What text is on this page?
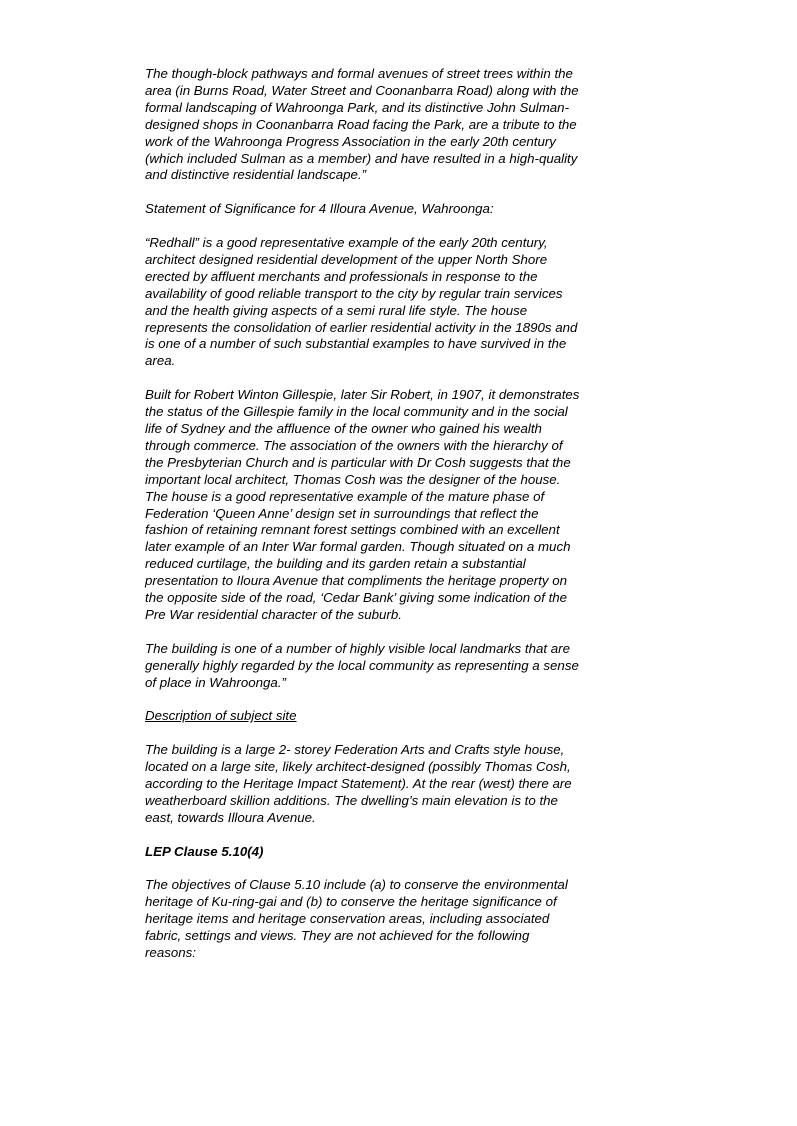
The though-block pathways and formal avenues of street trees within the
area (in Burns Road, Water Street and Coonanbarra Road) along with the
formal landscaping of Wahroonga Park, and its distinctive John Sulman-
designed shops in Coonanbarra Road facing the Park, are a tribute to the
work of the Wahroonga Progress Association in the early 20th century
(which included Sulman as a member) and have resulted in a high-quality
and distinctive residential landscape.”

Statement of Significance for 4 Illoura Avenue, Wahroonga:

“Redhall” is a good representative example of the early 20th century,
architect designed residential development of the upper North Shore
erected by affluent merchants and professionals in response to the
availability of good reliable transport to the city by regular train services
and the health giving aspects of a semi rural life style. The house
represents the consolidation of earlier residential activity in the 1890s and
is one of a number of such substantial examples to have survived in the
area.

Built for Robert Winton Gillespie, later Sir Robert, in 1907, it demonstrates
the status of the Gillespie family in the local community and in the social
life of Sydney and the affluence of the owner who gained his wealth
through commerce. The association of the owners with the hierarchy of
the Presbyterian Church and is particular with Dr Cosh suggests that the
important local architect, Thomas Cosh was the designer of the house.
The house is a good representative example of the mature phase of
Federation ‘Queen Anne’ design set in surroundings that reflect the
fashion of retaining remnant forest settings combined with an excellent
later example of an Inter War formal garden. Though situated on a much
reduced curtilage, the building and its garden retain a substantial
presentation to Iloura Avenue that compliments the heritage property on
the opposite side of the road, ‘Cedar Bank’ giving some indication of the
Pre War residential character of the suburb.

The building is one of a number of highly visible local landmarks that are
generally highly regarded by the local community as representing a sense
of place in Wahroonga.”

Description of subject site

The building is a large 2- storey Federation Arts and Crafts style house,
located on a large site, likely architect-designed (possibly Thomas Cosh,
according to the Heritage Impact Statement). At the rear (west) there are
weatherboard skillion additions. The dwelling’s main elevation is to the
east, towards Illoura Avenue.

LEP Clause 5.10(4)

The objectives of Clause 5.10 include (a) to conserve the environmental
heritage of Ku-ring-gai and (b) to conserve the heritage significance of
heritage items and heritage conservation areas, including associated
fabric, settings and views. They are not achieved for the following
reasons:
